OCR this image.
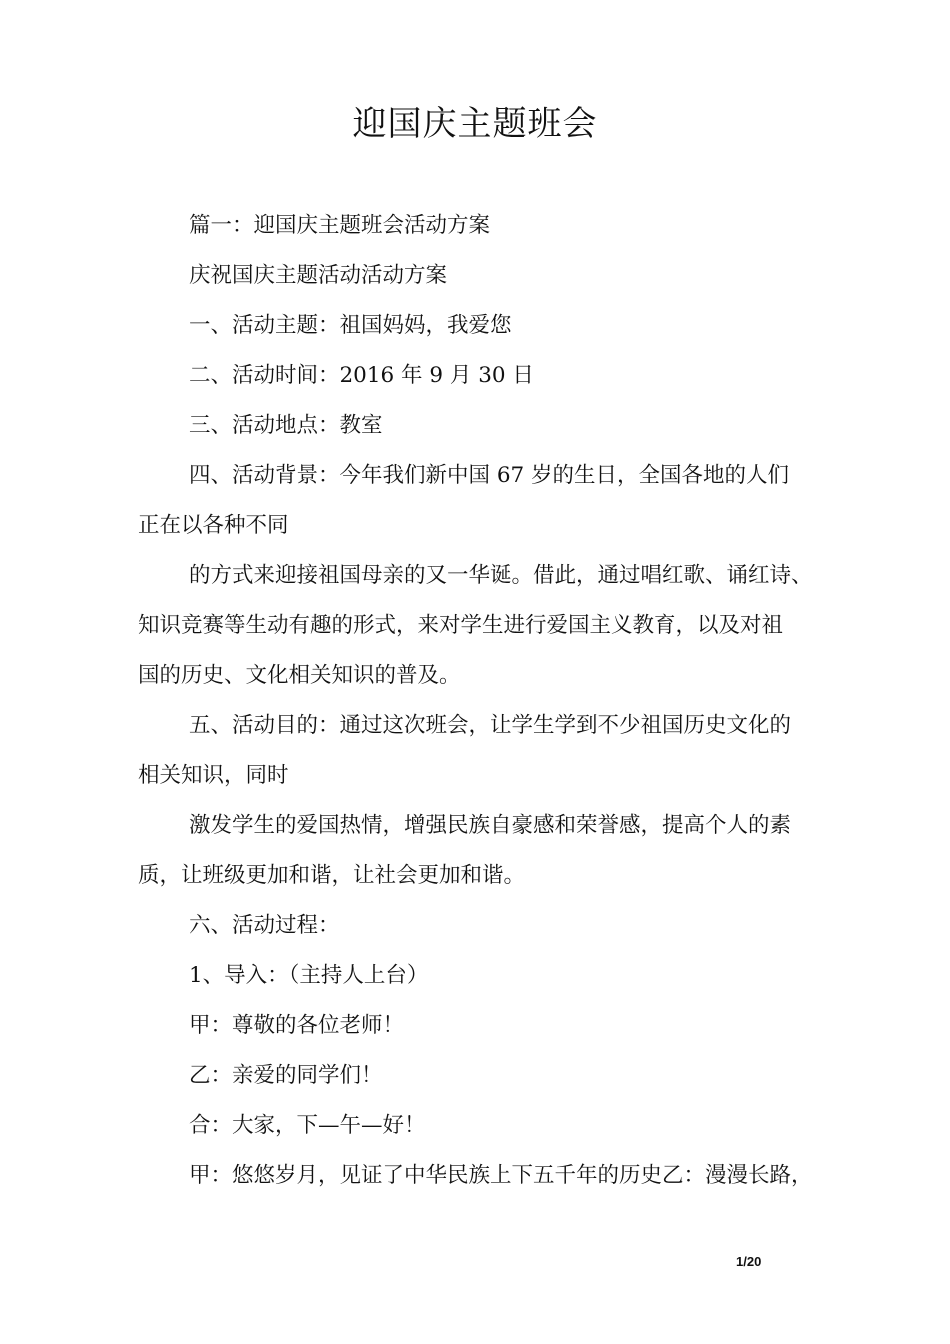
迎国庆主题班会

篇一：迎国庆主题班会活动方案

庆祝国庆主题活动活动方案

一、活动主题：祖国妈妈，我爱您

二、活动时间：2016 年 9 月 30 日

三、活动地点：教室

四、活动背景：今年我们新中国 67 岁的生日，全国各地的人们

正在以各种不同

的方式来迎接祖国母亲的又一华诞。借此，通过唱红歌、诵红诗、

知识竞赛等生动有趣的形式，来对学生进行爱国主义教育，以及对祖

国的历史、文化相关知识的普及。

五、活动目的：通过这次班会，让学生学到不少祖国历史文化的

相关知识，同时

激发学生的爱国热情，增强民族自豪感和荣誉感，提高个人的素

质，让班级更加和谐，让社会更加和谐。

六、活动过程：

1、导入：（主持人上台）

甲：尊敬的各位老师！

乙：亲爱的同学们！

合：大家，下—午—好！

甲：悠悠岁月，见证了中华民族上下五千年的历史乙：漫漫长路，

1/20
